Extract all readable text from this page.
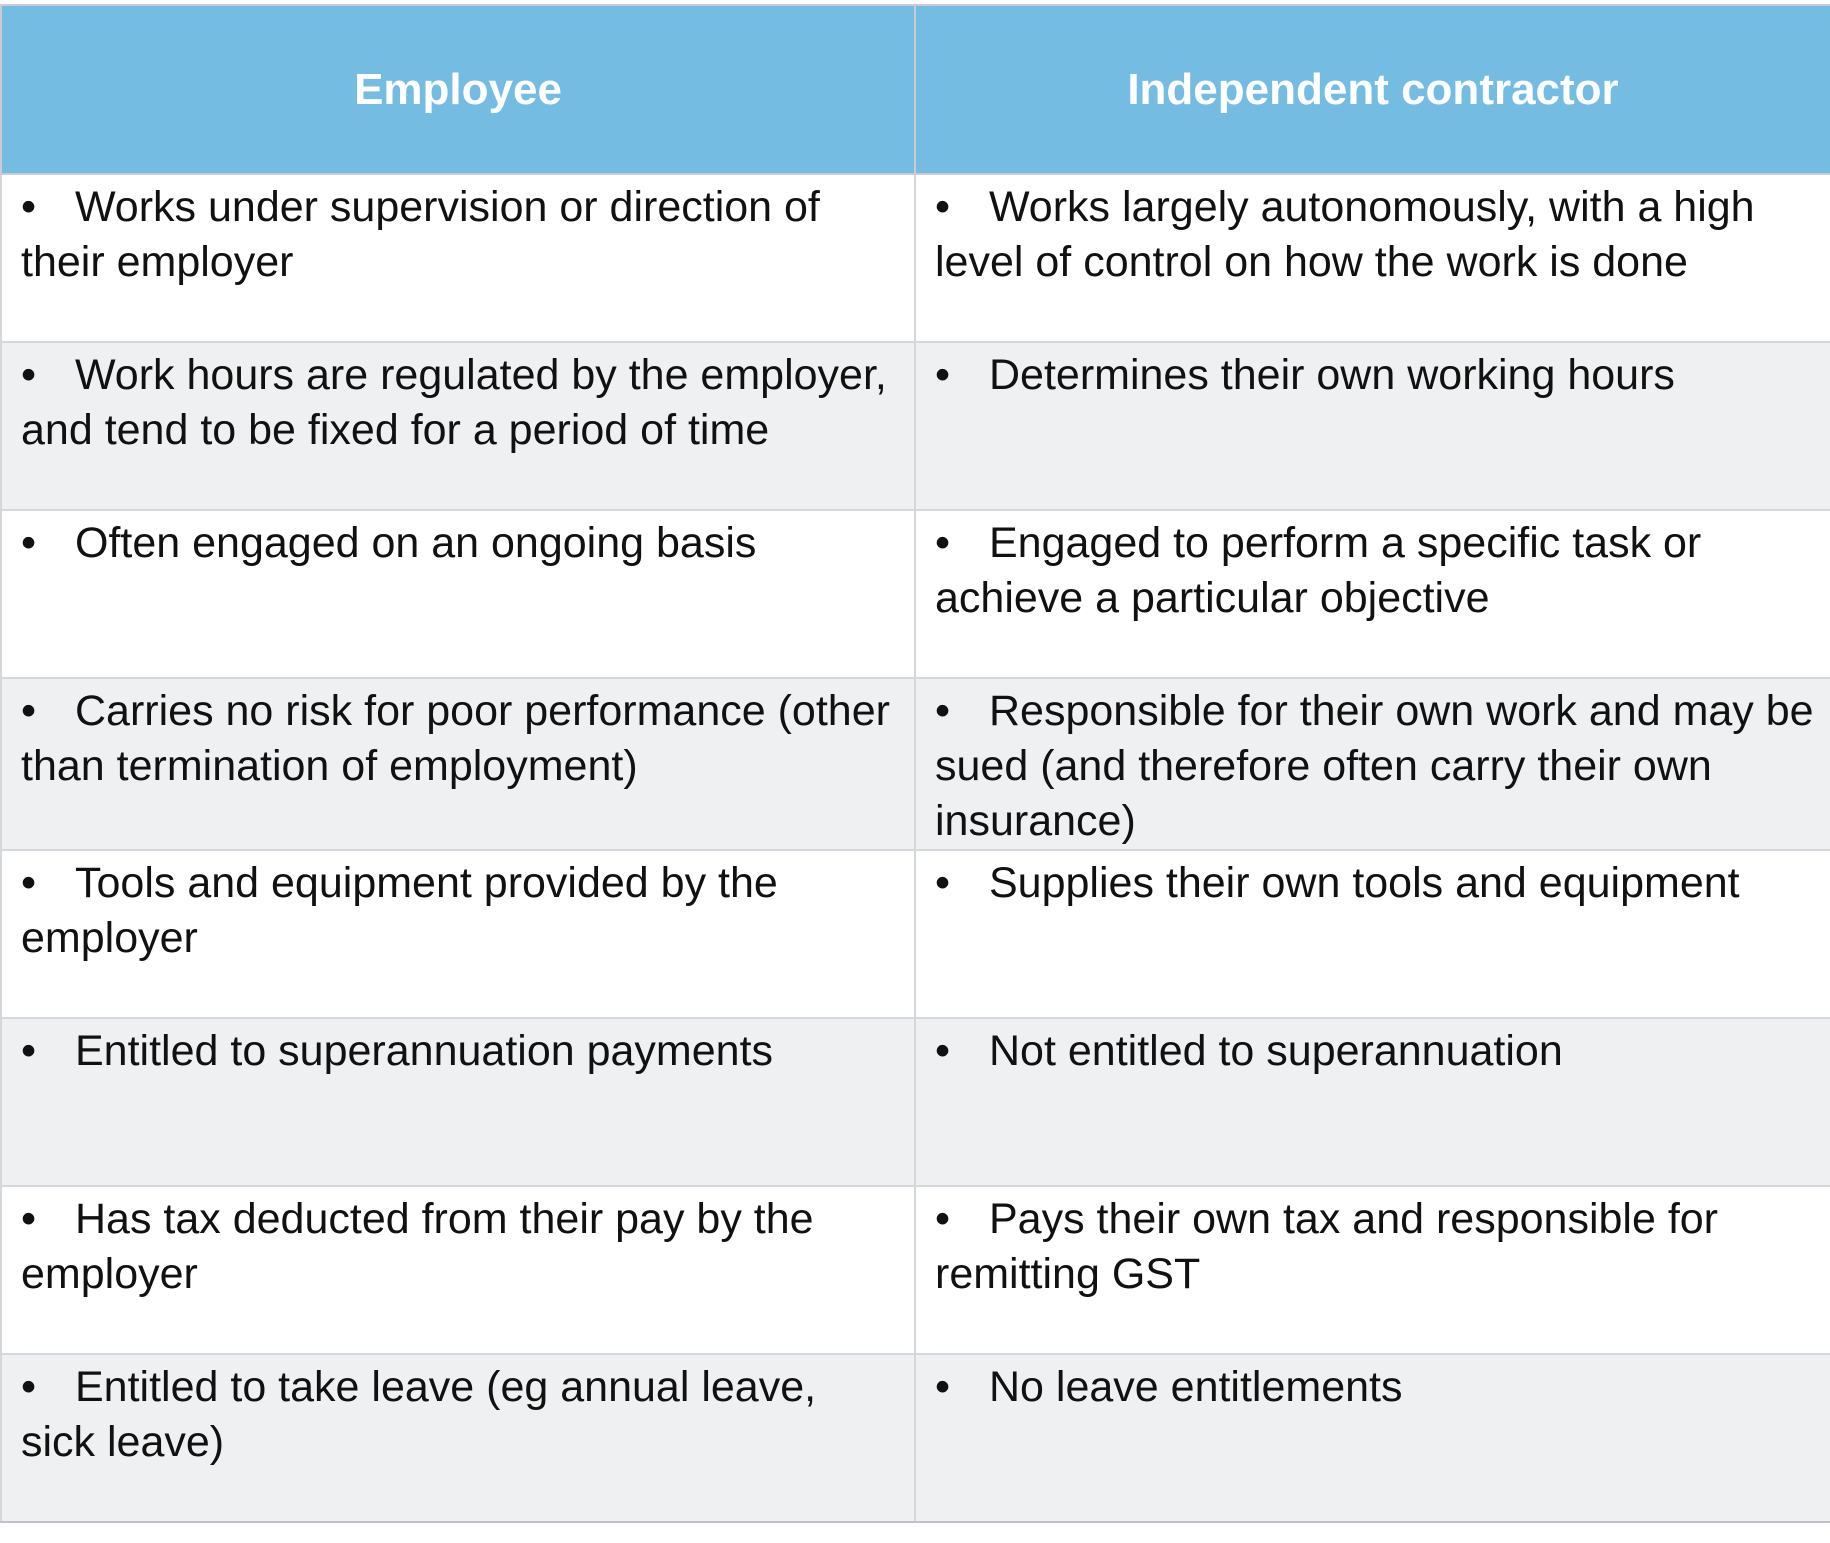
Employee	Independent contractor
• Works under supervision or direction of their employer	• Works largely autonomously, with a high level of control on how the work is done
• Work hours are regulated by the employer, and tend to be fixed for a period of time	• Determines their own working hours
• Often engaged on an ongoing basis	• Engaged to perform a specific task or achieve a particular objective
• Carries no risk for poor performance (other than termination of employment)	• Responsible for their own work and may be sued (and therefore often carry their own insurance)
• Tools and equipment provided by the employer	• Supplies their own tools and equipment
• Entitled to superannuation payments	• Not entitled to superannuation
• Has tax deducted from their pay by the employer	• Pays their own tax and responsible for remitting GST
• Entitled to take leave (eg annual leave, sick leave)	• No leave entitlements
